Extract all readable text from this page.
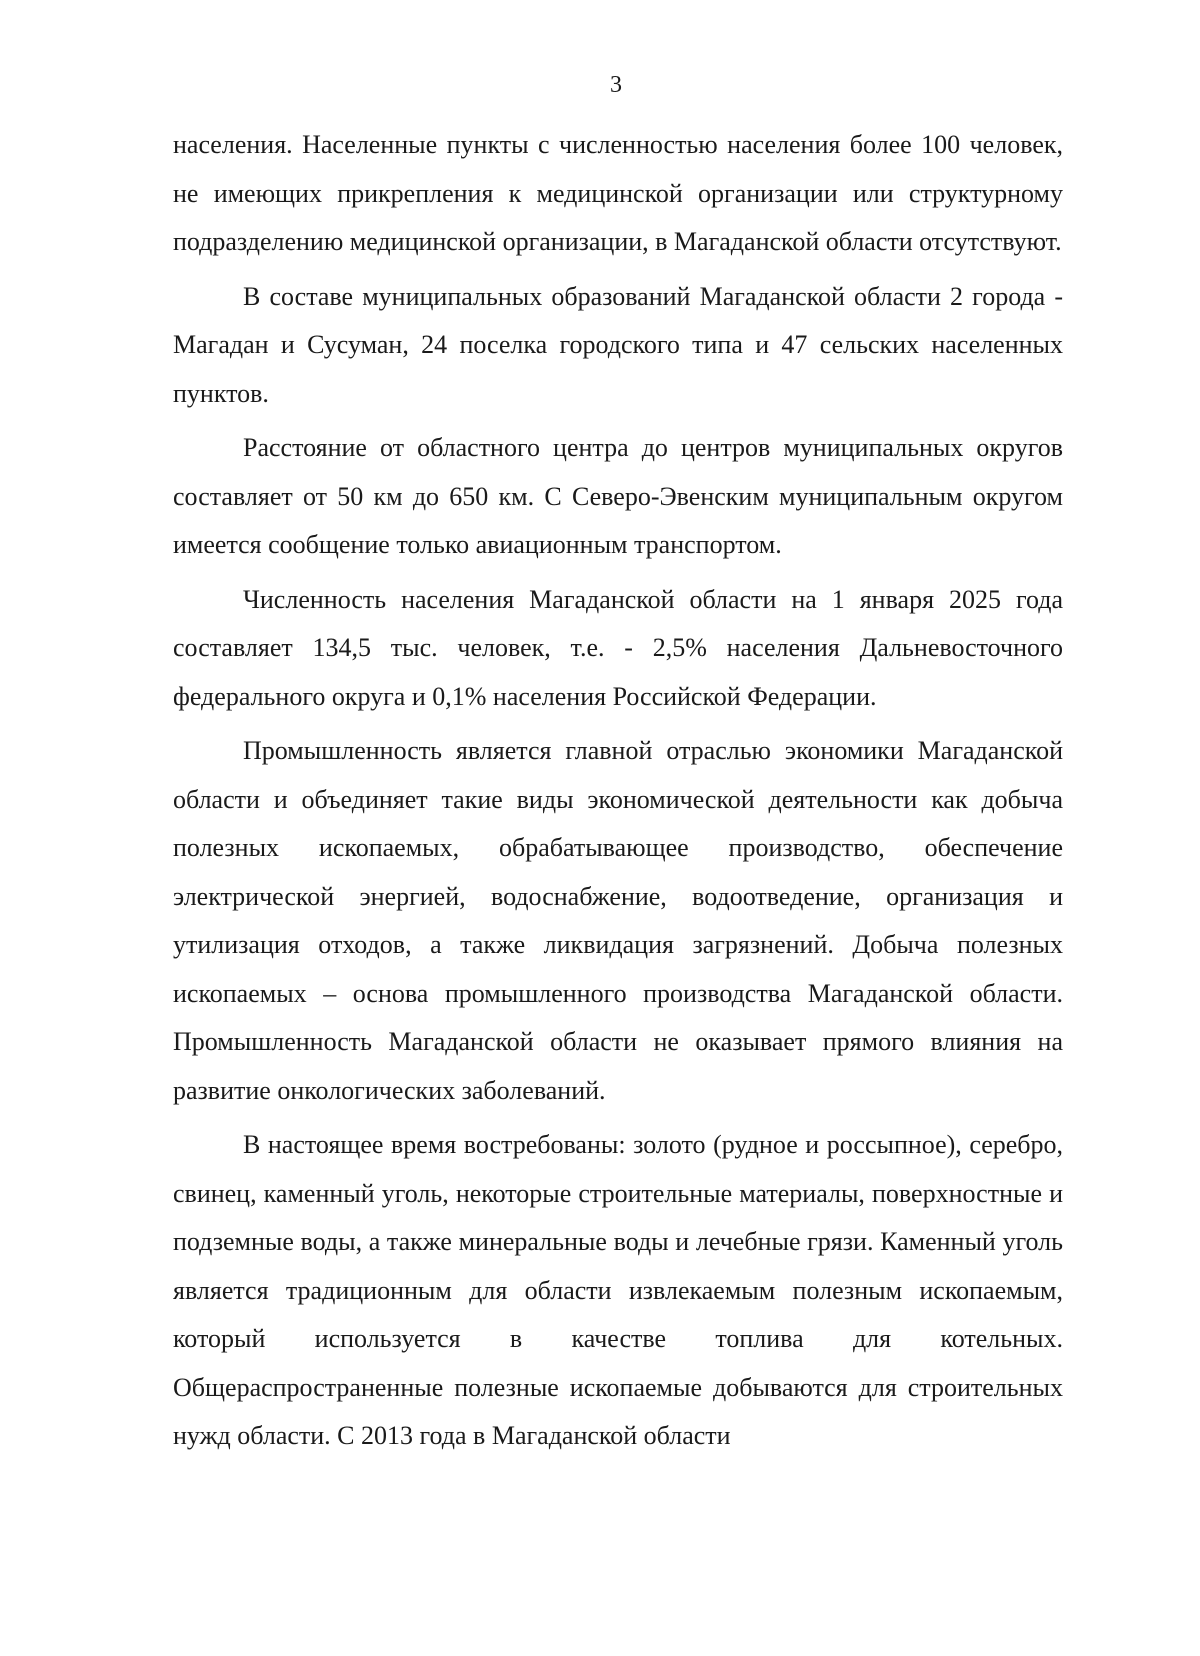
3

населения. Населенные пункты с численностью населения более 100 человек, не имеющих прикрепления к медицинской организации или структурному подразделению медицинской организации, в Магаданской области отсутствуют.

В составе муниципальных образований Магаданской области 2 города - Магадан и Сусуман, 24 поселка городского типа и 47 сельских населенных пунктов.

Расстояние от областного центра до центров муниципальных округов составляет от 50 км до 650 км. С Северо-Эвенским муниципальным округом имеется сообщение только авиационным транспортом.

Численность населения Магаданской области на 1 января 2025 года составляет 134,5 тыс. человек, т.е. - 2,5% населения Дальневосточного федерального округа и 0,1% населения Российской Федерации.

Промышленность является главной отраслью экономики Магаданской области и объединяет такие виды экономической деятельности как добыча полезных ископаемых, обрабатывающее производство, обеспечение электрической энергией, водоснабжение, водоотведение, организация и утилизация отходов, а также ликвидация загрязнений. Добыча полезных ископаемых – основа промышленного производства Магаданской области. Промышленность Магаданской области не оказывает прямого влияния на развитие онкологических заболеваний.

В настоящее время востребованы: золото (рудное и россыпное), серебро, свинец, каменный уголь, некоторые строительные материалы, поверхностные и подземные воды, а также минеральные воды и лечебные грязи. Каменный уголь является традиционным для области извлекаемым полезным ископаемым, который используется в качестве топлива для котельных. Общераспространенные полезные ископаемые добываются для строительных нужд области. С 2013 года в Магаданской области
